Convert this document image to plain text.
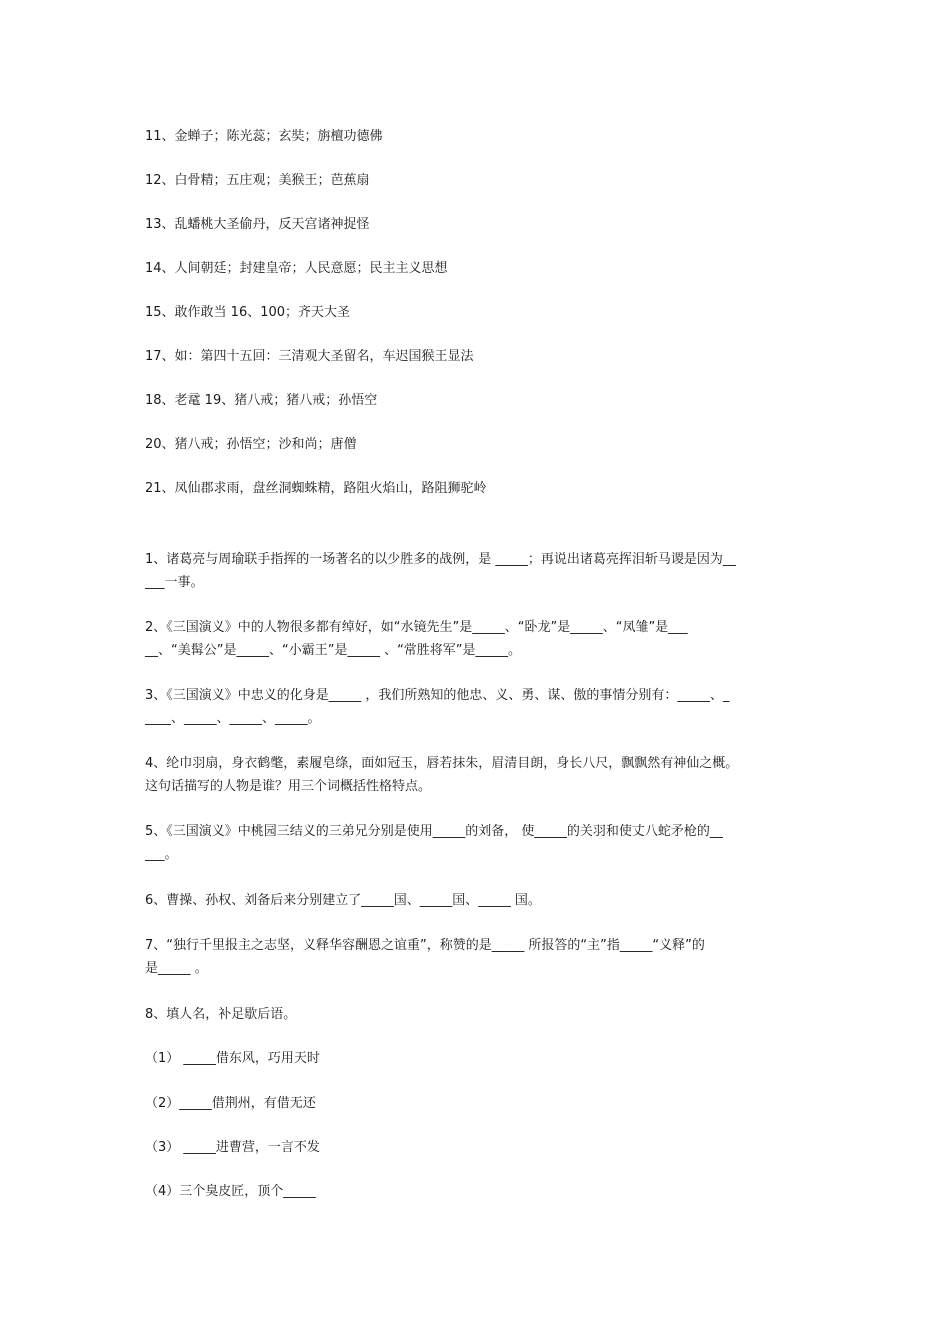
11、金蝉子；陈光蕊；玄奘；旃檀功德佛

12、白骨精；五庄观；美猴王；芭蕉扇

13、乱蟠桃大圣偷丹，反天宫诸神捉怪

14、人间朝廷；封建皇帝；人民意愿；民主主义思想

15、敢作敢当 16、100；齐天大圣

17、如：第四十五回：三清观大圣留名，车迟国猴王显法

18、老鼋 19、猪八戒；猪八戒；孙悟空

20、猪八戒；孙悟空；沙和尚；唐僧

21、凤仙郡求雨，盘丝洞蜘蛛精，路阻火焰山，路阻狮驼岭

1、诸葛亮与周瑜联手指挥的一场著名的以少胜多的战例，是 _____；再说出诸葛亮挥泪斩马谡是因为__

___一事。

2、《三国演义》中的人物很多都有绰好，如“水镜先生”是_____、“卧龙”是_____、“凤雏”是___

__、“美髯公”是_____、“小霸王”是_____ 、“常胜将军”是_____。

3、《三国演义》中忠义的化身是_____ ，我们所熟知的他忠、义、勇、谋、傲的事情分别有：_____、_

____、_____、_____、_____。

4、纶巾羽扇，身衣鹤氅，素履皂绦，面如冠玉，唇若抹朱，眉清目朗，身长八尺，飘飘然有神仙之概。

这句话描写的人物是谁？用三个词概括性格特点。

5、《三国演义》中桃园三结义的三弟兄分别是使用_____的刘备， 使_____的关羽和使丈八蛇矛枪的__

___。

6、曹操、孙权、刘备后来分别建立了_____国、_____国、_____ 国。

7、“独行千里报主之志坚，义释华容酬恩之谊重”，称赞的是_____ 所报答的“主”指_____“义释”的

是_____ 。

8、填人名，补足歇后语。

（1） _____借东风，巧用天时

（2）_____借荆州，有借无还

（3） _____进曹营，一言不发

（4）三个臭皮匠，顶个_____
